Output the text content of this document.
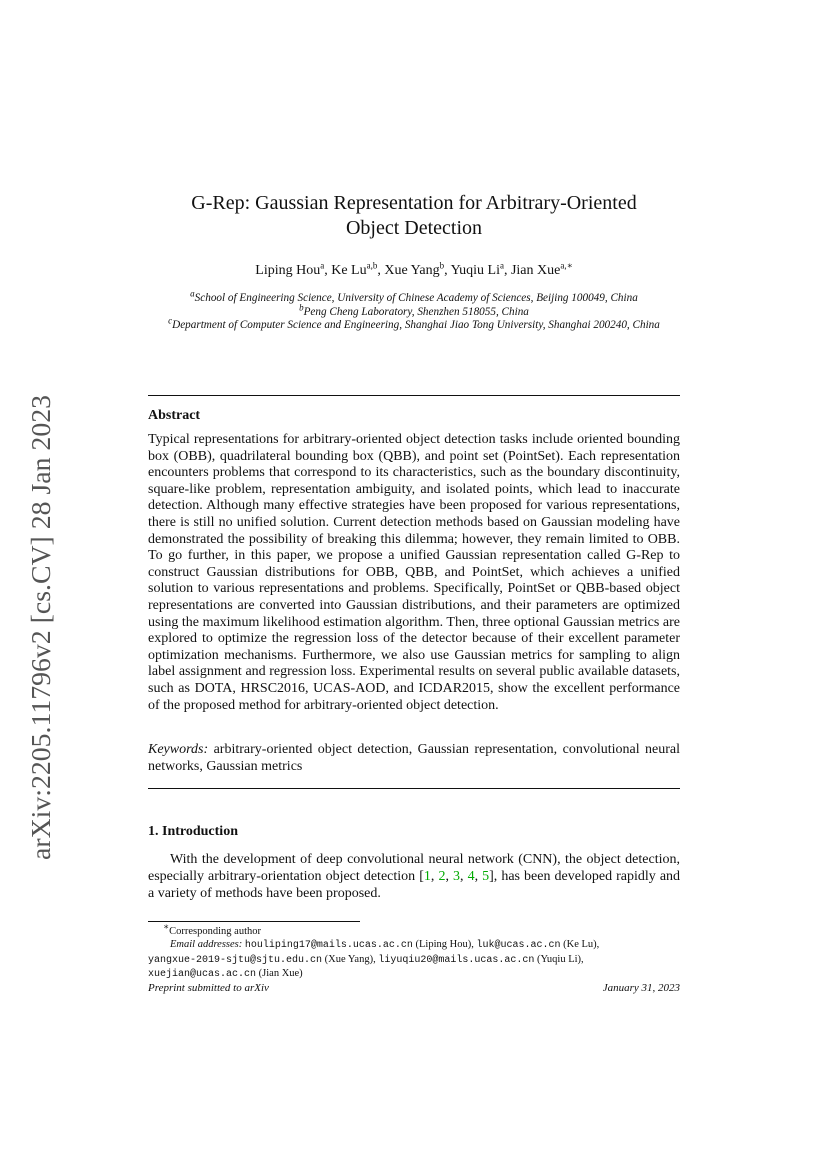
arXiv:2205.11796v2 [cs.CV] 28 Jan 2023
G-Rep: Gaussian Representation for Arbitrary-Oriented
Object Detection
Liping Hou$^a$, Ke Lu$^{a,b}$, Xue Yang$^b$, Yuqiu Li$^a$, Jian Xue$^{a,∗}$
$^a$School of Engineering Science, University of Chinese Academy of Sciences, Beijing 100049, China
$^b$Peng Cheng Laboratory, Shenzhen 518055, China
$^c$Department of Computer Science and Engineering, Shanghai Jiao Tong University, Shanghai 200240, China
Abstract
Typical representations for arbitrary-oriented object detection tasks include oriented bounding box (OBB), quadrilateral bounding box (QBB), and point set (PointSet). Each representation encounters problems that correspond to its characteristics, such as the boundary discontinuity, square-like problem, representation ambiguity, and isolated points, which lead to inaccurate detection. Although many effective strategies have been proposed for various representations, there is still no unified solution. Current detection methods based on Gaussian modeling have demonstrated the possibility of breaking this dilemma; however, they remain limited to OBB. To go further, in this paper, we propose a unified Gaussian representation called G-Rep to construct Gaussian distributions for OBB, QBB, and PointSet, which achieves a unified solution to various representations and problems. Specifically, PointSet or QBB-based object representations are converted into Gaussian distributions, and their parameters are optimized using the maximum likelihood estimation algorithm. Then, three optional Gaussian metrics are explored to optimize the regression loss of the detector because of their excellent parameter optimization mechanisms. Furthermore, we also use Gaussian metrics for sampling to align label assignment and regression loss. Experimental results on several public available datasets, such as DOTA, HRSC2016, UCAS-AOD, and ICDAR2015, show the excellent performance of the proposed method for arbitrary-oriented object detection.
Keywords: arbitrary-oriented object detection, Gaussian representation, convolutional neural networks, Gaussian metrics
1. Introduction
With the development of deep convolutional neural network (CNN), the object detection, especially arbitrary-orientation object detection [1, 2, 3, 4, 5], has been developed rapidly and a variety of methods have been proposed.
∗Corresponding author
Email addresses: houliping17@mails.ucas.ac.cn (Liping Hou), luk@ucas.ac.cn (Ke Lu),
yangxue-2019-sjtu@sjtu.edu.cn (Xue Yang), liyuqiu20@mails.ucas.ac.cn (Yuqiu Li),
xuejian@ucas.ac.cn (Jian Xue)
Preprint submitted to arXiv	January 31, 2023
